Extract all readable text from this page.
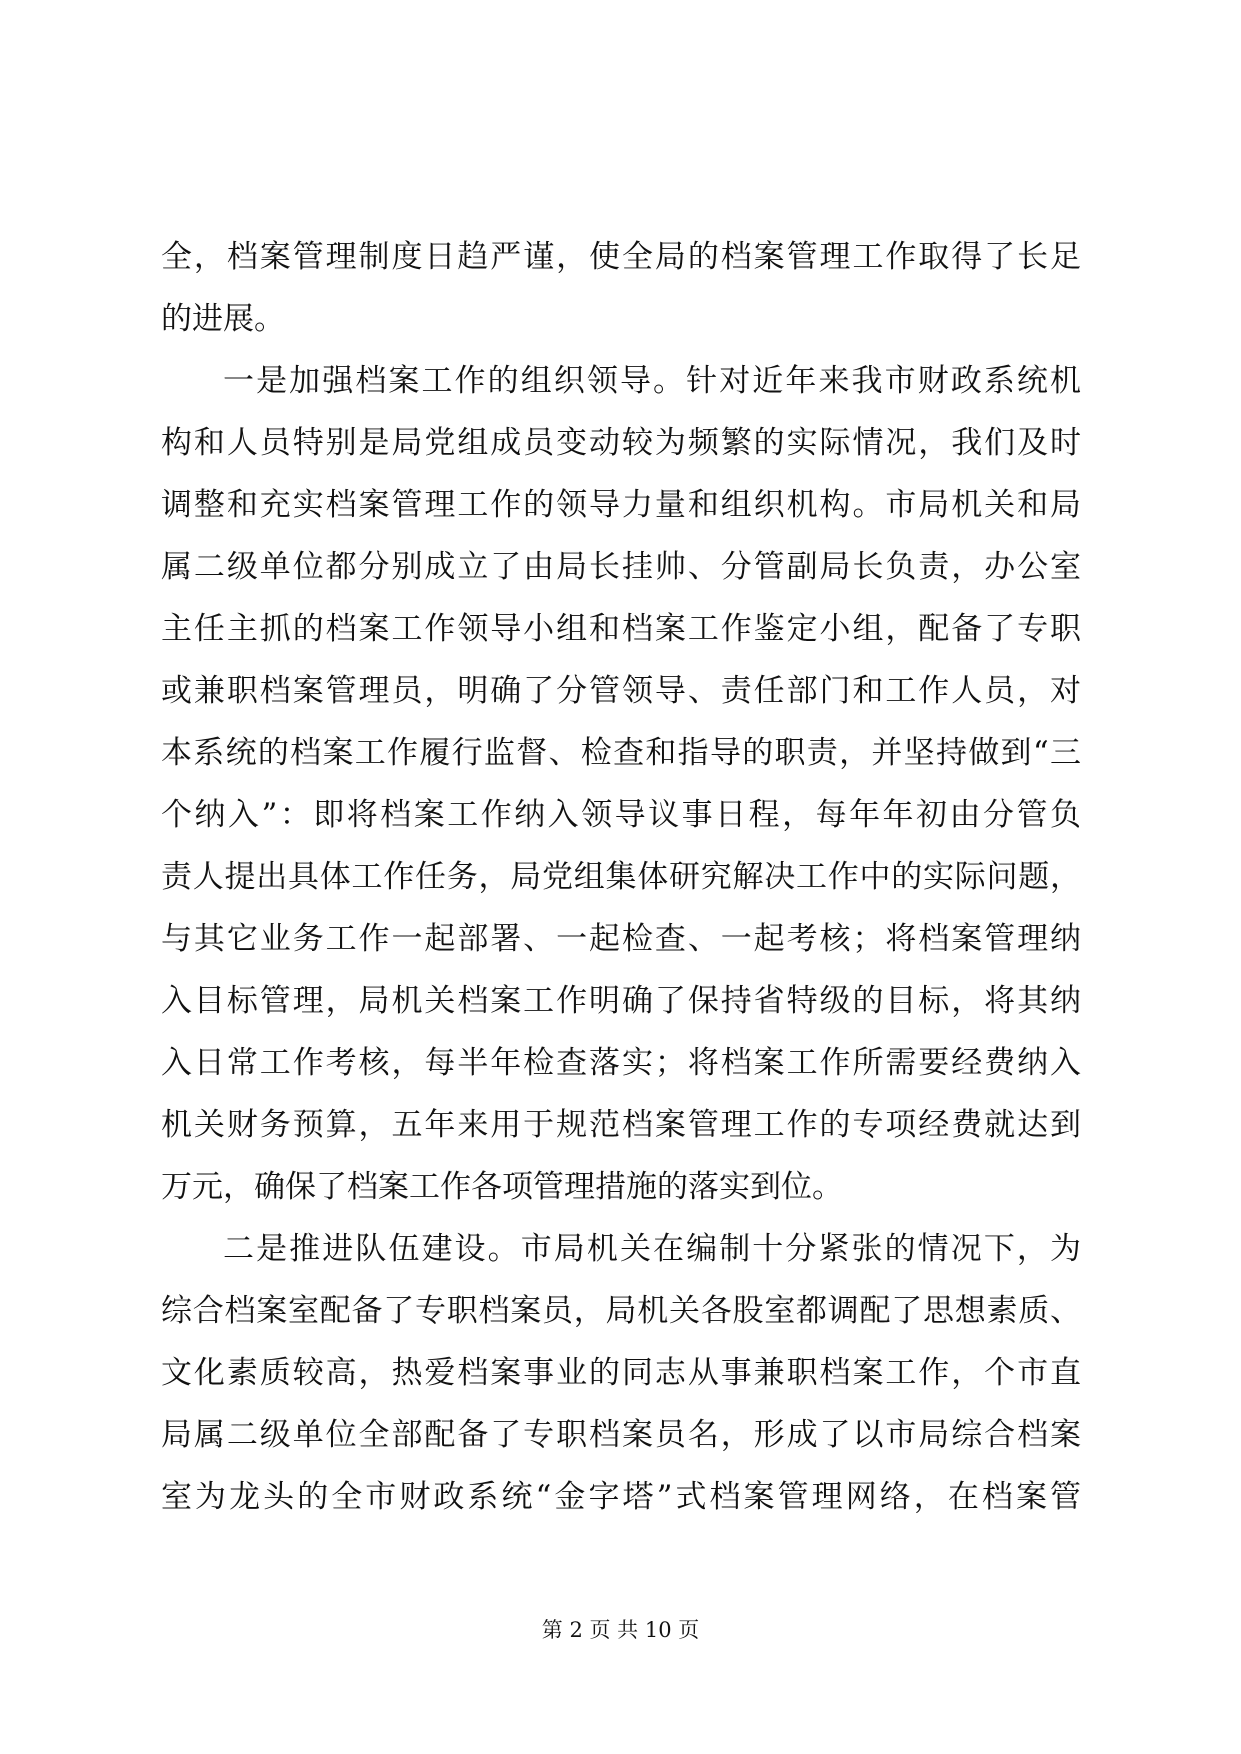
全，档案管理制度日趋严谨，使全局的档案管理工作取得了长足
的进展。
一是加强档案工作的组织领导。针对近年来我市财政系统机
构和人员特别是局党组成员变动较为频繁的实际情况，我们及时
调整和充实档案管理工作的领导力量和组织机构。市局机关和局
属二级单位都分别成立了由局长挂帅、分管副局长负责，办公室
主任主抓的档案工作领导小组和档案工作鉴定小组，配备了专职
或兼职档案管理员，明确了分管领导、责任部门和工作人员，对
本系统的档案工作履行监督、检查和指导的职责，并坚持做到“三
个纳入”：即将档案工作纳入领导议事日程，每年年初由分管负
责人提出具体工作任务，局党组集体研究解决工作中的实际问题，
与其它业务工作一起部署、一起检查、一起考核；将档案管理纳
入目标管理，局机关档案工作明确了保持省特级的目标，将其纳
入日常工作考核，每半年检查落实；将档案工作所需要经费纳入
机关财务预算，五年来用于规范档案管理工作的专项经费就达到
万元，确保了档案工作各项管理措施的落实到位。
二是推进队伍建设。市局机关在编制十分紧张的情况下，为
综合档案室配备了专职档案员，局机关各股室都调配了思想素质、
文化素质较高，热爱档案事业的同志从事兼职档案工作，个市直
局属二级单位全部配备了专职档案员名，形成了以市局综合档案
室为龙头的全市财政系统“金字塔”式档案管理网络，在档案管
第 2 页 共 10 页
